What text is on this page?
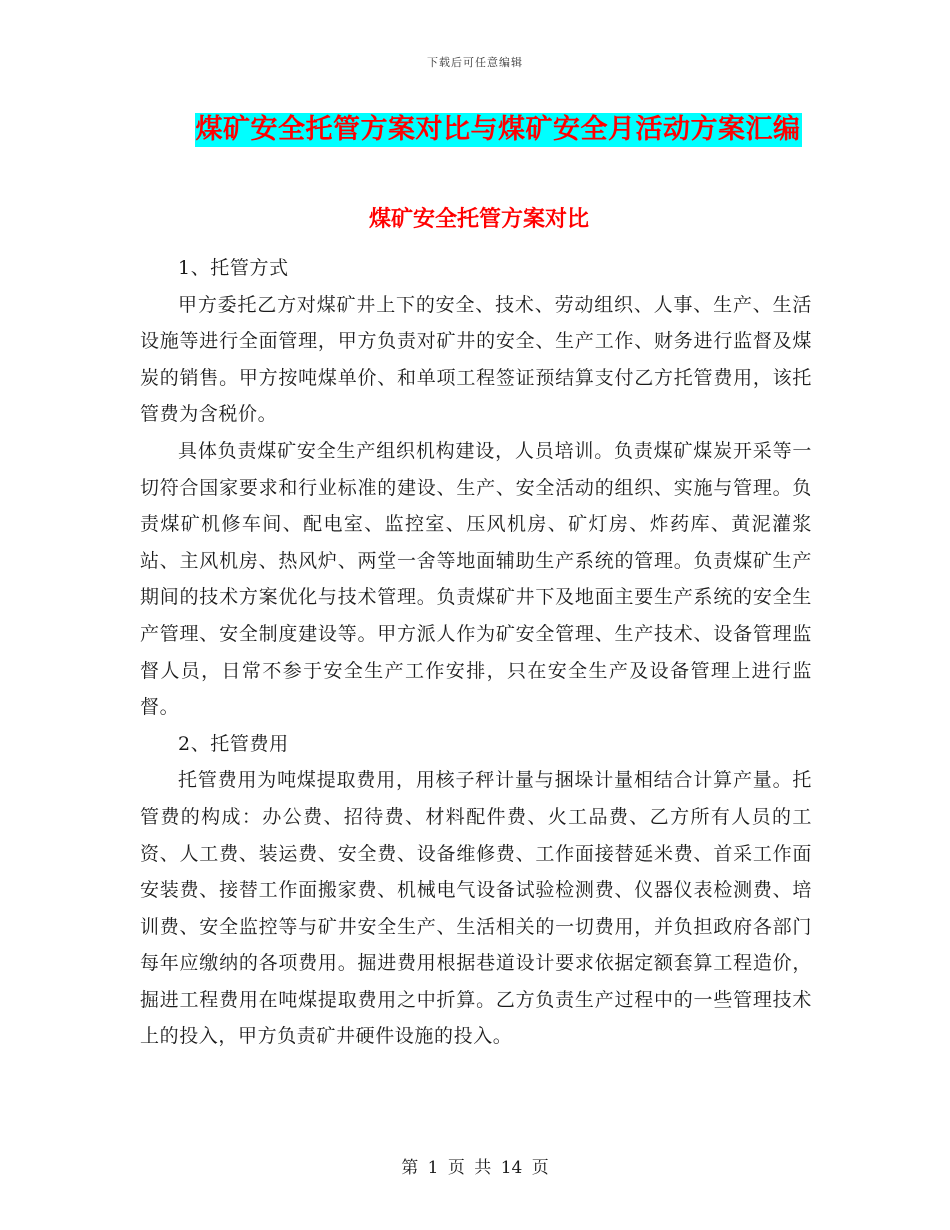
下载后可任意编辑
煤矿安全托管方案对比与煤矿安全月活动方案汇编
煤矿安全托管方案对比

1、托管方式

甲方委托乙方对煤矿井上下的安全、技术、劳动组织、人事、生产、生活设施等进行全面管理，甲方负责对矿井的安全、生产工作、财务进行监督及煤炭的销售。甲方按吨煤单价、和单项工程签证预结算支付乙方托管费用，该托管费为含税价。

具体负责煤矿安全生产组织机构建设，人员培训。负责煤矿煤炭开采等一切符合国家要求和行业标准的建设、生产、安全活动的组织、实施与管理。负责煤矿机修车间、配电室、监控室、压风机房、矿灯房、炸药库、黄泥灌浆站、主风机房、热风炉、两堂一舍等地面辅助生产系统的管理。负责煤矿生产期间的技术方案优化与技术管理。负责煤矿井下及地面主要生产系统的安全生产管理、安全制度建设等。甲方派人作为矿安全管理、生产技术、设备管理监督人员，日常不参于安全生产工作安排，只在安全生产及设备管理上进行监督。

2、托管费用

托管费用为吨煤提取费用，用核子秤计量与捆垛计量相结合计算产量。托管费的构成：办公费、招待费、材料配件费、火工品费、乙方所有人员的工资、人工费、装运费、安全费、设备维修费、工作面接替延米费、首采工作面安装费、接替工作面搬家费、机械电气设备试验检测费、仪器仪表检测费、培训费、安全监控等与矿井安全生产、生活相关的一切费用，并负担政府各部门每年应缴纳的各项费用。掘进费用根据巷道设计要求依据定额套算工程造价，掘进工程费用在吨煤提取费用之中折算。乙方负责生产过程中的一些管理技术上的投入，甲方负责矿井硬件设施的投入。

第 1 页 共 14 页
